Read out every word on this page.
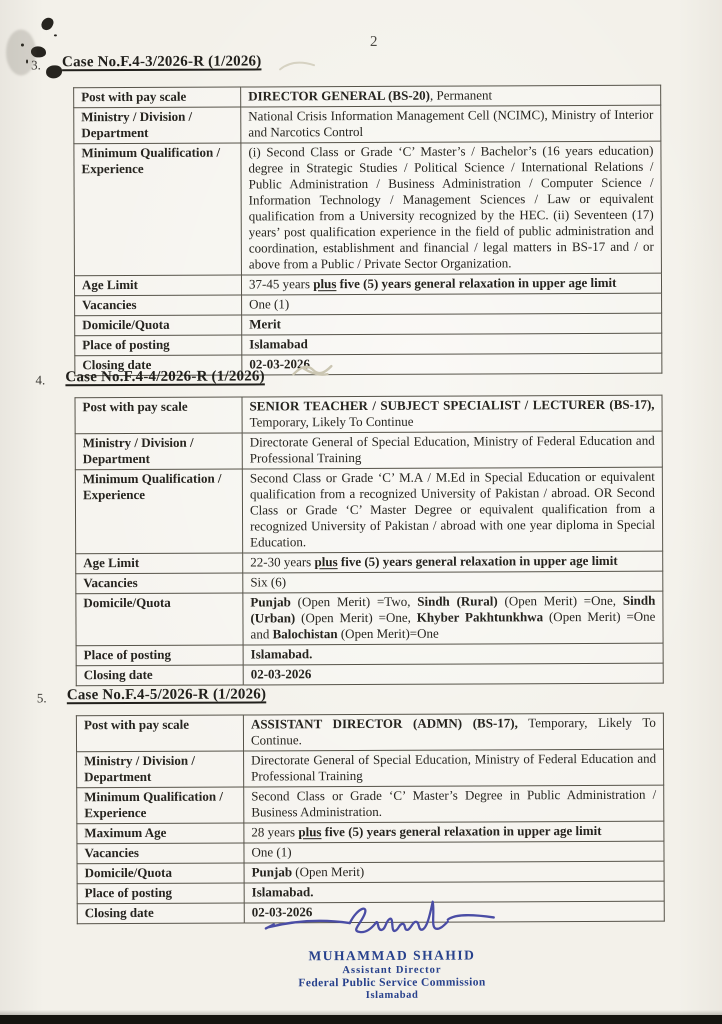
2
3. Case No.F.4-3/2026-R (1/2026)
Post with pay scale	DIRECTOR GENERAL (BS-20), Permanent
Ministry / Division / Department	National Crisis Information Management Cell (NCIMC), Ministry of Interior and Narcotics Control
Minimum Qualification / Experience	(i) Second Class or Grade ‘C’ Master’s / Bachelor’s (16 years education) degree in Strategic Studies / Political Science / International Relations / Public Administration / Business Administration / Computer Science / Information Technology / Management Sciences / Law or equivalent qualification from a University recognized by the HEC. (ii) Seventeen (17) years’ post qualification experience in the field of public administration and coordination, establishment and financial / legal matters in BS-17 and / or above from a Public / Private Sector Organization.
Age Limit	37-45 years plus five (5) years general relaxation in upper age limit
Vacancies	One (1)
Domicile/Quota	Merit
Place of posting	Islamabad
Closing date	02-03-2026
4. Case No.F.4-4/2026-R (1/2026)
Post with pay scale	SENIOR TEACHER / SUBJECT SPECIALIST / LECTURER (BS-17), Temporary, Likely To Continue
Ministry / Division / Department	Directorate General of Special Education, Ministry of Federal Education and Professional Training
Minimum Qualification / Experience	Second Class or Grade ‘C’ M.A / M.Ed in Special Education or equivalent qualification from a recognized University of Pakistan / abroad. OR Second Class or Grade ‘C’ Master Degree or equivalent qualification from a recognized University of Pakistan / abroad with one year diploma in Special Education.
Age Limit	22-30 years plus five (5) years general relaxation in upper age limit
Vacancies	Six (6)
Domicile/Quota	Punjab (Open Merit) =Two, Sindh (Rural) (Open Merit) =One, Sindh (Urban) (Open Merit) =One, Khyber Pakhtunkhwa (Open Merit) =One and Balochistan (Open Merit)=One
Place of posting	Islamabad.
Closing date	02-03-2026
5. Case No.F.4-5/2026-R (1/2026)
Post with pay scale	ASSISTANT DIRECTOR (ADMN) (BS-17), Temporary, Likely To Continue.
Ministry / Division / Department	Directorate General of Special Education, Ministry of Federal Education and Professional Training
Minimum Qualification / Experience	Second Class or Grade ‘C’ Master’s Degree in Public Administration / Business Administration.
Maximum Age	28 years plus five (5) years general relaxation in upper age limit
Vacancies	One (1)
Domicile/Quota	Punjab (Open Merit)
Place of posting	Islamabad.
Closing date	02-03-2026
MUHAMMAD SHAHID
Assistant Director
Federal Public Service Commission
Islamabad
